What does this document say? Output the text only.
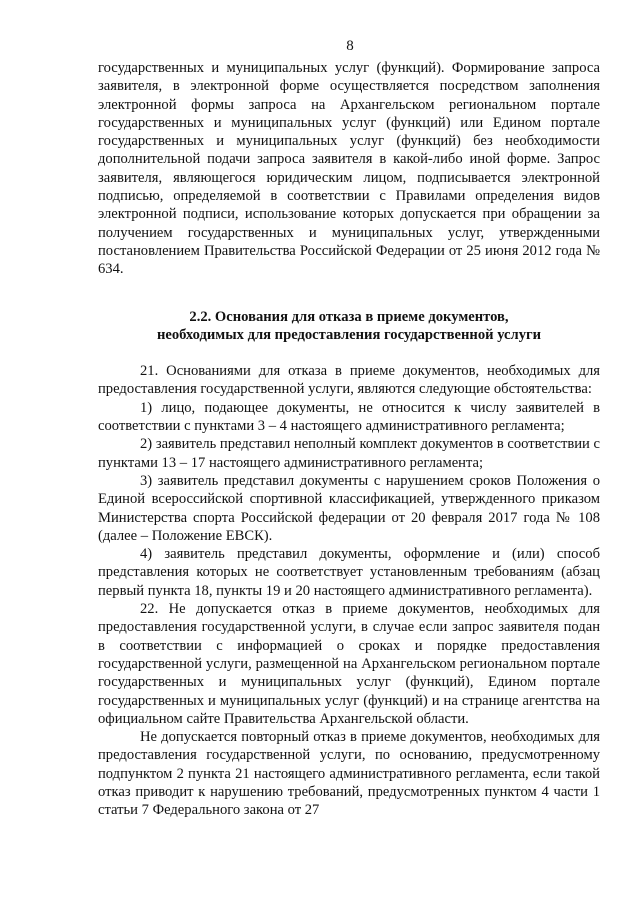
8

государственных и муниципальных услуг (функций). Формирование запроса заявителя, в электронной форме осуществляется посредством заполнения электронной формы запроса на Архангельском региональном портале государственных и муниципальных услуг (функций) или Едином портале государственных и муниципальных услуг (функций) без необходимости дополнительной подачи запроса заявителя в какой-либо иной форме. Запрос заявителя, являющегося юридическим лицом, подписывается электронной подписью, определяемой в соответствии с Правилами определения видов электронной подписи, использование которых допускается при обращении за получением государственных и муниципальных услуг, утвержденными постановлением Правительства Российской Федерации от 25 июня 2012 года № 634.

2.2. Основания для отказа в приеме документов,

необходимых для предоставления государственной услуги

21. Основаниями для отказа в приеме документов, необходимых для предоставления государственной услуги, являются следующие обстоятельства:

1) лицо, подающее документы, не относится к числу заявителей в соответствии с пунктами 3 – 4 настоящего административного регламента;

2) заявитель представил неполный комплект документов в соответствии с пунктами 13 – 17 настоящего административного регламента;

3) заявитель представил документы с нарушением сроков Положения о Единой всероссийской спортивной классификацией, утвержденного приказом Министерства спорта Российской федерации от 20 февраля 2017 года № 108 (далее – Положение ЕВСК).

4) заявитель представил документы, оформление и (или) способ представления которых не соответствует установленным требованиям (абзац первый пункта 18, пункты 19 и 20 настоящего административного регламента).

22. Не допускается отказ в приеме документов, необходимых для предоставления государственной услуги, в случае если запрос заявителя подан в соответствии с информацией о сроках и порядке предоставления государственной услуги, размещенной на Архангельском региональном портале государственных и муниципальных услуг (функций), Едином портале государственных и муниципальных услуг (функций) и на странице агентства на официальном сайте Правительства Архангельской области.

Не допускается повторный отказ в приеме документов, необходимых для предоставления государственной услуги, по основанию, предусмотренному подпунктом 2 пункта 21 настоящего административного регламента, если такой отказ приводит к нарушению требований, предусмотренных пунктом 4 части 1 статьи 7 Федерального закона от 27
